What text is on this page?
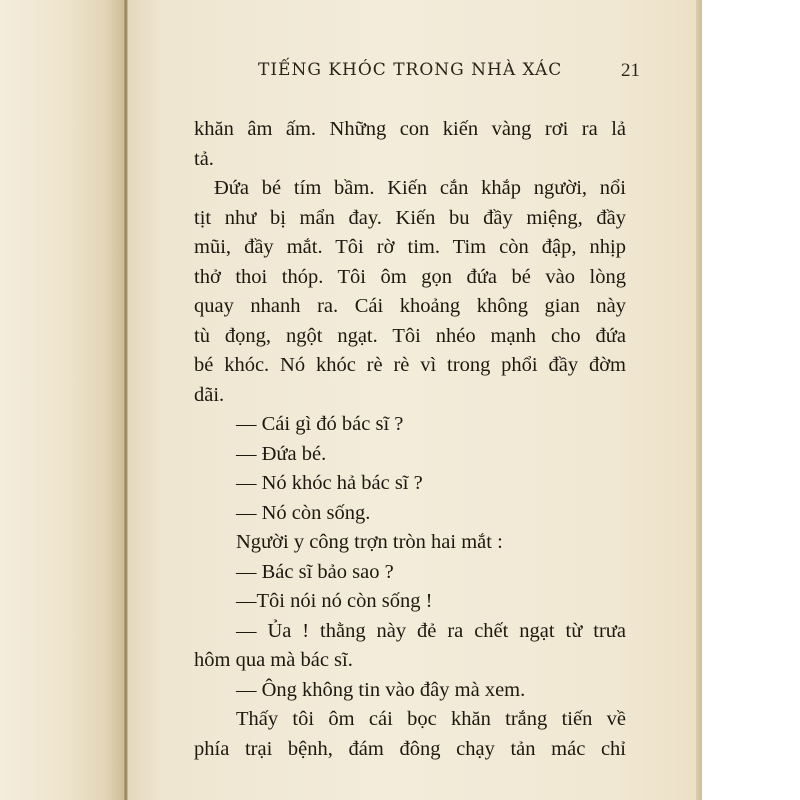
TIẾNG KHÓC TRONG NHÀ XÁC	21
khăn âm ấm. Những con kiến vàng rơi ra lả
tả.
Đứa bé tím bầm. Kiến cắn khắp người, nổi
tịt như bị mẩn đay. Kiến bu đầy miệng, đầy
mũi, đầy mắt. Tôi rờ tim. Tim còn đập, nhịp
thở thoi thóp. Tôi ôm gọn đứa bé vào lòng
quay nhanh ra. Cái khoảng không gian này
tù đọng, ngột ngạt. Tôi nhéo mạnh cho đứa
bé khóc. Nó khóc rè rè vì trong phổi đầy đờm
dãi.
— Cái gì đó bác sĩ ?
— Đứa bé.
— Nó khóc hả bác sĩ ?
— Nó còn sống.
Người y công trợn tròn hai mắt :
— Bác sĩ bảo sao ?
—Tôi nói nó còn sống !
— Ủa ! thằng này đẻ ra chết ngạt từ trưa
hôm qua mà bác sĩ.
— Ông không tin vào đây mà xem.
Thấy tôi ôm cái bọc khăn trắng tiến về
phía trại bệnh, đám đông chạy tản mác chỉ
